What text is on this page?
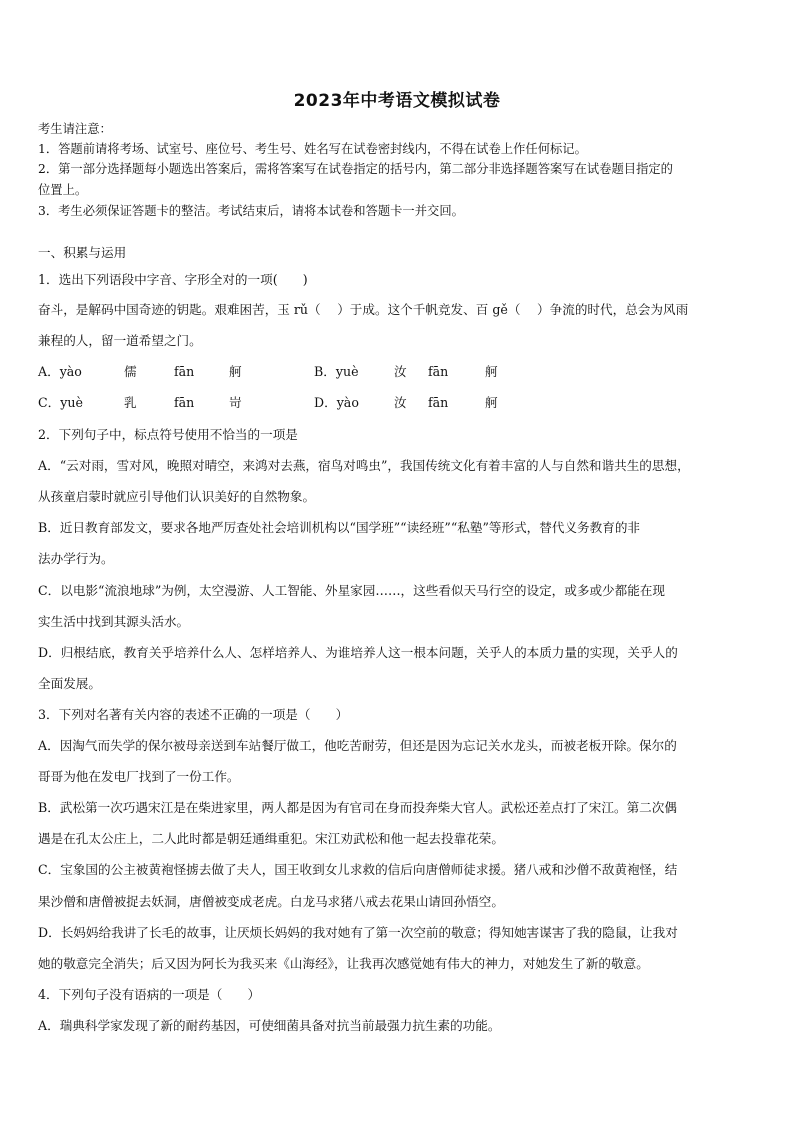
2023年中考语文模拟试卷
考生请注意：
1．答题前请将考场、试室号、座位号、考生号、姓名写在试卷密封线内，不得在试卷上作任何标记。
2．第一部分选择题每小题选出答案后，需将答案写在试卷指定的括号内，第二部分非选择题答案写在试卷题目指定的
位置上。
3．考生必须保证答题卡的整洁。考试结束后，请将本试卷和答题卡一并交回。
一、积累与运用
1．选出下列语段中字音、字形全对的一项(　　)
奋斗，是解码中国奇迹的钥匙。艰难困苦，玉 rǔ（　 ）于成。这个千帆竞发、百 gě（　 ）争流的时代，总会为风雨
兼程的人，留一道希望之门。
A．yào	儒	fān	舸	B．yuè	汝 fān	舸
C．yuè	乳	fān	岢	D．yào	汝 fān	舸
2．下列句子中，标点符号使用不恰当的一项是
A．“云对雨，雪对风，晚照对晴空，来鸿对去燕，宿鸟对鸣虫”，我国传统文化有着丰富的人与自然和谐共生的思想，
从孩童启蒙时就应引导他们认识美好的自然物象。
B．近日教育部发文，要求各地严厉查处社会培训机构以“国学班”“读经班”“私塾”等形式，替代义务教育的非
法办学行为。
C．以电影“流浪地球”为例，太空漫游、人工智能、外星家园……，这些看似天马行空的设定，或多或少都能在现
实生活中找到其源头活水。
D．归根结底，教育关乎培养什么人、怎样培养人、为谁培养人这一根本问题，关乎人的本质力量的实现，关乎人的
全面发展。
3．下列对名著有关内容的表述不正确的一项是（　　）
A．因淘气而失学的保尔被母亲送到车站餐厅做工，他吃苦耐劳，但还是因为忘记关水龙头，而被老板开除。保尔的
哥哥为他在发电厂找到了一份工作。
B．武松第一次巧遇宋江是在柴进家里，两人都是因为有官司在身而投奔柴大官人。武松还差点打了宋江。第二次偶
遇是在孔太公庄上，二人此时都是朝廷通缉重犯。宋江劝武松和他一起去投靠花荣。
C．宝象国的公主被黄袍怪掳去做了夫人，国王收到女儿求救的信后向唐僧师徒求援。猪八戒和沙僧不敌黄袍怪，结
果沙僧和唐僧被捉去妖洞，唐僧被变成老虎。白龙马求猪八戒去花果山请回孙悟空。
D．长妈妈给我讲了长毛的故事，让厌烦长妈妈的我对她有了第一次空前的敬意；得知她害谋害了我的隐鼠，让我对
她的敬意完全消失；后又因为阿长为我买来《山海经》，让我再次感觉她有伟大的神力，对她发生了新的敬意。
4．下列句子没有语病的一项是（　　）
A．瑞典科学家发现了新的耐药基因，可使细菌具备对抗当前最强力抗生素的功能。
